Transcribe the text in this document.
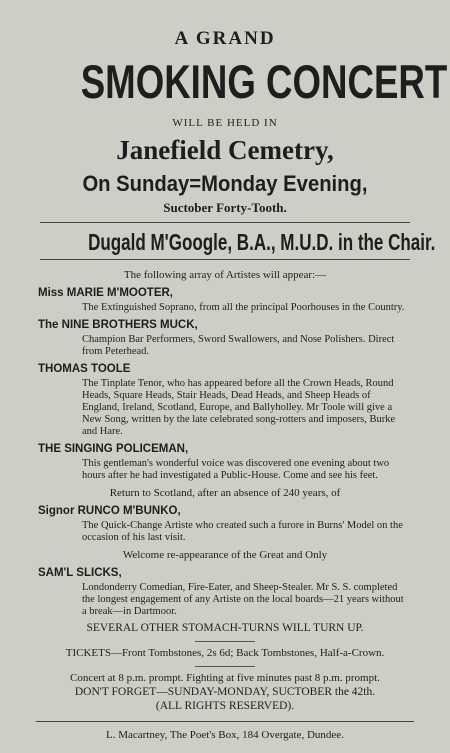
A GRAND

SMOKING CONCERT

WILL BE HELD IN

Janefield Cemetry,

On Sunday=Monday Evening,

Suctober Forty-Tooth.

Dugald M'Google, B.A., M.U.D. in the Chair.

The following array of Artistes will appear:—

Miss MARIE M'MOOTER,

The Extinguished Soprano, from all the principal Poorhouses in the Country.

The NINE BROTHERS MUCK,

Champion Bar Performers, Sword Swallowers, and Nose Polishers. Direct from Peterhead.

THOMAS TOOLE

The Tinplate Tenor, who has appeared before all the Crown Heads, Round Heads, Square Heads, Stair Heads, Dead Heads, and Sheep Heads of England, Ireland, Scotland, Europe, and Ballyholley. Mr Toole will give a New Song, written by the late celebrated song-rotters and imposers, Burke and Hare.

THE SINGING POLICEMAN,

This gentleman's wonderful voice was discovered one evening about two hours after he had investigated a Public-House. Come and see his feet.

Return to Scotland, after an absence of 240 years, of

Signor RUNCO M'BUNKO,

The Quick-Change Artiste who created such a furore in Burns' Model on the occasion of his last visit.

Welcome re-appearance of the Great and Only

SAM'L SLICKS,

Londonderry Comedian, Fire-Eater, and Sheep-Stealer. Mr S. S. completed the longest engagement of any Artiste on the local boards—21 years without a break—in Dartmoor.

SEVERAL OTHER STOMACH-TURNS WILL TURN UP.

TICKETS—Front Tombstones, 2s 6d; Back Tombstones, Half-a-Crown.

Concert at 8 p.m. prompt. Fighting at five minutes past 8 p.m. prompt.

DON'T FORGET—SUNDAY-MONDAY, SUCTOBER the 42th.

(ALL RIGHTS RESERVED).

L. Macartney, The Poet's Box, 184 Overgate, Dundee.
